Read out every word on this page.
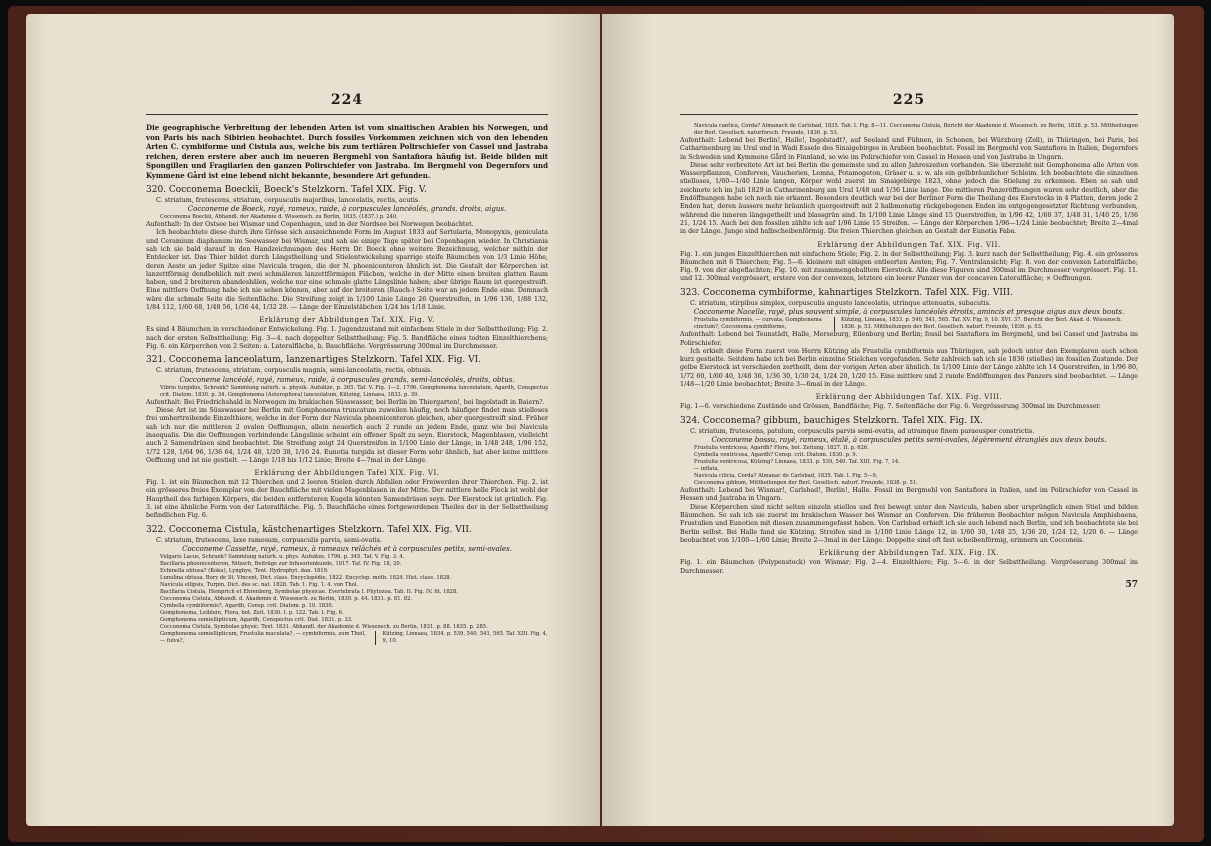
224

Die geographische Verbreitung der lebenden Arten ist vom sinaitischen Arabien bis Norwegen, und von Paris bis nach Sibirien beobachtet. Durch fossiles Vorkommen zeichnen sich von den lebenden Arten C. cymbiforme und Cistula aus, welche bis zum tertiären Polirschiefer von Cassel und Jastraba reichen, deren erstere aber auch im neueren Bergmehl von Santafiora häufig ist. Beide bilden mit Spongillen und Fragilarien den ganzen Polirschiefer von Jastraba. Im Bergmehl von Degernfors und Kymmene Gård ist eine lebend nicht bekannte, besondere Art gefunden.

320. Cocconema Boeckii, Boeck's Stelzkorn. Tafel XIX. Fig. V.

C. striatum, frutescens, striatum, corpusculis majoribus, lanceolatis, rectis, acutis.

Cocconeme de Boeck, rayé, rameux, raide, à corpuscules lancéolés, grands, droits, aigus.

Cocconema Boeckii, Abhandl. der Akademie d. Wissensch. zu Berlin, 1835. (1837.) p. 240.

Aufenthalt: In der Ostsee bei Wismar und Copenhagen, und in der Nordsee bei Norwegen beobachtet.

Ich beobachtete diese durch ihre Grösse sich auszeichnende Form im August 1833 auf Sertularia, Monopyxis, geniculata und Ceramium diaphanum im Seewasser bei Wismar, und sah sie einige Tage später bei Copenhagen wieder. In Christiania sah ich sie bald darauf in den Handzeichnungen des Herrn Dr. Boeck ohne weitere Bezeichnung, welcher mithin der Entdecker ist. Das Thier bildet durch Längstheilung und Stielentwickelung sparrige steife Bäumchen von 1/3 Linie Höhe, deren Aeste an jeder Spitze eine Navicula tragen, die der N. phoenicenteron ähnlich ist. Die Gestalt der Körperchen ist lanzettförmig dendbohlich mit zwei schmäleren lanzettförmigen Flächen, welche in der Mitte einen breiten glatten Raum haben, und 2 breiteren abandeshälen, welche nur eine schmale glatte Längslinie haben; aber übrige Raum ist quergestreift. Eine mittlere Oeffnung habe ich nie sehen können, aber auf der breiteren (Rauch-) Seite war an jedem Ende eine. Demnach wäre die schmale Seite die Seitenfläche. Die Streifung zeigt in 1/100 Linie Länge 26 Querstreifen, in 1/96 136, 1/88 132, 1/84 112, 1/60 68, 1/48 56, 1/36 44, 1/32 28. — Länge der Einzelstäbchen 1/24 bis 1/18 Linie.

Erklärung der Abbildungen Taf. XIX. Fig. V.

Es sind 4 Bäumchen in verschiedener Entwickelung. Fig. 1. Jugendzustand mit einfachem Stiele in der Selbsttheilung; Fig. 2. nach der ersten Selbsttheilung; Fig. 3—4. nach doppelter Selbsttheilung; Fig. 5. Bandfläche eines todten Einzelthierchens; Fig. 6. ein Körperchen von 2 Seiten: a. Lateralfläche, b. Bauchfläche. Vergrösserung 300mal im Durchmesser.

321. Cocconema lanceolatum, lanzenartiges Stelzkorn. Tafel XIX. Fig. VI.

C. striatum, frutescens, striatum, corpusculis magnis, semi-lanceolatis, rectis, obtusis.

Cocconeme lancéolé, rayé, rameux, raide, à corpuscules grands, semi-lancéolés, droits, obtus.

Vibrio turgidus, Schrank? Sammlung naturh. u. physik. Aufsätze, p. 365. Taf. V. Fig. 1—2. 1796. Gomphonema lanceolatum, Agardh, Conspectus crit. Diatom. 1830. p. 34. Gomphonema (Asterophora) lanceolatum, Kützing, Linnaea, 1833. p. 39.

Aufenthalt: Bei Friedrichshald in Norwegen im brakischen Süsswasser, bei Berlin im Thiergarten!, bei Ingolstadt in Baiern?.

Diese Art ist im Süsswasser bei Berlin mit Gomphonema truncatum zuweilen häufig, noch häufiger findet man stielloses frei umhertreibende Einzelthiere, welche in der Form der Navicula phoenicenteron gleichen, aber quergestreift sind. Früher sah ich nur die mittleren 2 ovalen Oeffnungen, allein neuerlich auch 2 runde an jedem Ende, ganz wie bei Navicula inaequalis. Die die Oeffnungen verbindende Längslinie scheint ein offener Spalt zu seyn. Eierstock, Magenblasen, vielleicht auch 2 Samendrüsen sind beobachtet. Die Streifung zeigt 24 Querstreifen in 1/100 Linie der Länge, in 1/48 248, 1/96 152, 1/72 128, 1/64 96, 1/36 64, 1/24 48, 1/20 38, 1/16 24. Eunotia turgida ist dieser Form sehr ähnlich, hat aber keine mittlere Oeffnung und ist nie gestielt. — Länge 1/18 bis 1/12 Linie; Breite 4—7mal in der Länge.

Erklärung der Abbildungen Tafel XIX. Fig. VI.

Fig. 1. ist ein Bäumchen mit 12 Thierchen und 2 leeren Stielen durch Abfallen oder Freiwerden ihrer Thierchen. Fig. 2. ist ein grösseres freies Exemplar von der Bauchfläche mit vielen Magenblasen in der Mitte. Der mittlere helle Fleck ist wohl der Hauptheil des farbigen Körpers, die beiden entfernteren Kugeln könnten Samendrüsen seyn. Der Eierstock ist grünlich. Fig. 3. ist eine ähnliche Form von der Lateralfläche. Fig. 5. Bauchfläche eines fortgewordenen Theiles der in der Selbsttheilung befindlichen Fig. 6.

322. Cocconema Cistula, kästchenartiges Stelzkorn. Tafel XIX. Fig. VII.

C. striatum, frutescens, laxe ramosum, corpusculis parvis, semi-ovatis.

Cocconeme Cassette, rayé, rameux, à rameaux relâchés et à corpuscules petits, semi-ovales.

Vulgaris Lacus, Schrank? Sammlung naturh. u. phys. Aufsätze, 1796. p. 345. Taf. V. Fig. 3. 4.

Bacillaria phoenicenteron, Nitzsch, Beiträge zur Infusorienkunde, 1817. Taf. IV. Fig. 18, 20.

Echinella obtusa? (Koku), Lyngbye, Tent. Hydrophyt. dan. 1819.

Lunulina obtusa, Bory de St. Vincent, Dict. class. Encyclopédie, 1822. Encyclop. méth. 1824. Hist. class. 1828.

Navicula ellipsis, Turpin, Dict. des sc. nat. 1828. Tab. 1. Fig. 1. 4. von Thol.

Bacillaria Cistula, Hemprich et Ehrenberg, Symbolae physicae. Evertebrata I. Phytozoa. Tab. II. Fig. IV. fit. 1828.

Cocconema Cistula, Abhandl. d. Akademie d. Wissensch. zu Berlin, 1830. p. 44. 1831. p. 81. 82.

Cymbella cymbiformis?, Agardh, Consp. crit. Diatom. p. 10. 1830.

Gomphonema, Leiblein, Flora, bot. Zeit. 1830. I. p. 122. Tab. I. Fig. 6.

Gomphonema semiellipticum, Agardh, Conspectus crit. Diat. 1831. p. 33.

Cocconema Cistula, Symbolae physic. Text. 1831. Abhandl. der Akademie d. Wissensch. zu Berlin, 1831. p. 88. 1835. p. 285.

Gomphonema semiellipticum, Frustulia maculata?, — cymbiformis, zum Theil, — fulva?,
Kützing, Linnaea, 1834. p. 539, 540, 541, 565. Taf. XIII. Fig. 4, 9, 10.
225

Navicula cantica, Corda? Almanach de Carlsbad, 1835. Tab. I. Fig. 8—11. Cocconema Cistula, Bericht der Akademie d. Wissensch. zu Berlin, 1838. p. 53. Mittheilungen der Berl. Gesellsch. naturforsch. Freunde, 1836. p. 53.

Aufenthalt: Lebend bei Berlin!, Halle!, Ingolstadt?, auf Seeland und Fühnen, in Schonen, bei Würzburg (Zell), in Thüringen, bei Paris, bei Catharinenburg im Ural und in Wadi Essele des Sinaigebirges in Arabien beobachtet. Fossil im Bergmehl von Santafiora in Italien, Degernfors in Schweden und Kymmene Gård in Finnland, so wie im Polirschiefer von Cassel in Hessen und von Jastraba in Ungarn.

Diese sehr verbreitete Art ist bei Berlin die gemeinste und zu allen Jahreszeiten vorhanden. Sie überzieht mit Gomphonema alle Arten von Wasserpflanzen, Conferven, Vaucherien, Lemna, Potamogeton, Gräser u. s. w. als ein gelbbräunlicher Schleim. Ich beobachtete die einzelnen stielloses, 1/60—1/40 Linie langen, Körper wohl zuerst im Sinaigebirge 1823, ohne jedoch die Stielung zu erkennen. Eben so sah und zeichnete ich im Juli 1829 in Catharinenburg am Ural 1/48 und 1/36 Linie lange. Die mittleren Panzeröffnungen waren sehr deutlich, aber die Endöffnungen habe ich noch nie erkannt. Besonders deutlich war bei der Berliner Form die Theilung des Eierstocks in 4 Platten, deren jede 2 Enden hat, deren äussere mehr bräunlich quergestreift mit 2 halbmonatig rückgebogenen Enden im entgegengesetzter Richtung verbunden, während die inneren längsgetheilt und blassgrün sind. In 1/100 Linie Länge sind 15 Querstreifen, in 1/96 42, 1/60 37, 1/48 31, 1/40 25, 1/36 21, 1/24 15. Auch bei den fossilen zählte ich auf 1/96 Linie 15 Streifen. — Länge der Körperchen 1/96—1/24 Linie beobachtet; Breite 2—4mal in der Länge. Junge sind halbscheibenförmig. Die freien Thierchen gleichen an Gestalt der Eunotia Faba.

Erklärung der Abbildungen Taf. XIX. Fig. VII.

Fig. 1. ein junges Einzelthierchen mit einfachem Stiele; Fig. 2. in der Selbsttheilung; Fig. 3. kurz nach der Selbsttheilung; Fig. 4. ein grösseres Bäumchen mit 6 Thierchen; Fig. 5—6. kleinere mit einigen entleerten Aesten; Fig. 7. Ventralansicht; Fig. 8. von der convexen Lateralfläche; Fig. 9. von der abgeflachten; Fig. 10. mit zusammengeballtem Eierstock. Alle diese Figuren sind 300mal im Durchmesser vergrössert. Fig. 11. und 12. 300mal vergrössert, erstere von der convexen, letztere ein leerer Panzer von der concaven Lateralfläche; × Oeffnungen.

323. Cocconema cymbiforme, kahnartiges Stelzkorn. Tafel XIX. Fig. VIII.

C. striatum, stirpibus simplex, corpusculis angusto lanceolatis, utrinque attenuatis, subacutis.

Cocconeme Nacelle, rayé, plus souvent simple, à corpuscules lancéolés étroits, amincis et presque aigus aux deux bouts.

Frustulia cymbiformis, — curvata, Gomphonema cinctum?, Cocconema cymbiforme,
Kützing, Linnaea, 1833. p. 540, 541, 565. Taf. XV. Fig. 9, 10. XVI. 37. Bericht der Berl. Akad. d. Wissensch. 1836. p. 53. Mittheilungen der Berl. Gesellsch. naturf. Freunde, 1836. p. 53.

Aufenthalt: Lebend bei Teunstädt, Halle, Merseburg, Eilenburg und Berlin; fossil bei Santafiora im Bergmehl, und bei Cassel und Jastraba im Polirschiefer.

Ich erkielt diese Form zuerst von Herrn Kützing als Frustulia cymbiformis aus Thüringen, sah jedoch unter den Exemplaren auch schon kurz gestielte. Seitdem habe ich bei Berlin einzelne Stielchen vorgefunden. Sehr zahlreich sah ich sie 1836 (stielles) im fossilen Zustande. Der gelbe Eierstock ist verschieden zertheilt, dem der vorigen Arten aber ähnlich. In 1/100 Linie der Länge zählte ich 14 Querstreifen, in 1/96 80, 1/72 60, 1/60 40, 1/48 36, 1/36 30, 1/30 24, 1/24 20, 1/20 15. Eine mittlere und 2 runde Endöffnungen des Panzers sind beobachtet. — Länge 1/48—1/20 Linie beobachtet; Breite 3—6mal in der Länge.

Erklärung der Abbildungen Taf. XIX. Fig. VIII.

Fig. 1—6. verschiedene Zustände und Grössen, Bandfläche; Fig. 7. Seitenfläche der Fig. 6. Vergrösserung 300mal im Durchmesser.

324. Cocconema? gibbum, bauchiges Stelzkorn. Tafel XIX. Fig. IX.

C. striatum, frutescens, patulum, corpusculis parvis semi-ovatis, ad utramque finem paraeusper constrictis.

Cocconeme bossu, rayé, rameux, étalé, à corpuscules petits semi-ovales, légèrement étranglés aux deux bouts.

Frustulia ventricosa, Agardh? Flora, bot. Zeitung, 1827. II. p. 626.

Cymbella ventricosa, Agardh? Consp. crit. Diatom. 1830. p. 9.

Frustulia ventricosa, Kützing? Linnaea, 1833. p. 539, 540. Taf. XIII. Fig. 7, 14.

— inflata,

Navicula cilicia, Corda? Almanac de Carlsbad, 1835. Tab. I. Fig. 5—9.

Cocconema gibbum, Mittheilungen der Berl. Gesellsch. naturf. Freunde, 1838. p. 51.

Aufenthalt: Lebend bei Wismar!, Carlsbad!, Berlin!, Halle. Fossil im Bergmehl von Santafiora in Italien, und im Polirschiefer von Cassel in Hessen und Jastraba in Ungarn.

Diese Körperchen sind nicht selten einzeln stiellos und frei bewegt unter den Navicula, haben aber ursprünglich einen Stiel und bilden Bäumchen. So sah ich sie zuerst im brakischen Wasser bei Wismar an Conferven. Die früheren Beobachter mögen Navicula Amphisbaena, Frustulien und Eunotien mit diesen zusammengefasst haben. Von Carlsbad erhielt ich sie auch lebend nach Berlin, und ich beobachtete sie bei Berlin selbst. Bei Halle fand sie Kützing. Streifen sind in 1/100 Linie Länge 12, in 1/60 30, 1/48 25, 1/36 20, 1/24 12, 1/20 6. — Länge beobachtet von 1/100—1/60 Linie; Breite 2—3mal in der Länge. Doppelte sind oft fast scheibenförmig, erinnern an Cocconeis.

Erklärung der Abbildungen Taf. XIX. Fig. IX.

Fig. 1. ein Bäumchen (Polypenstock) von Wismar; Fig. 2—4. Einzelthiere; Fig. 5—6. in der Selbsttheilung. Vergrösserung 300mal im Durchmesser.

57
